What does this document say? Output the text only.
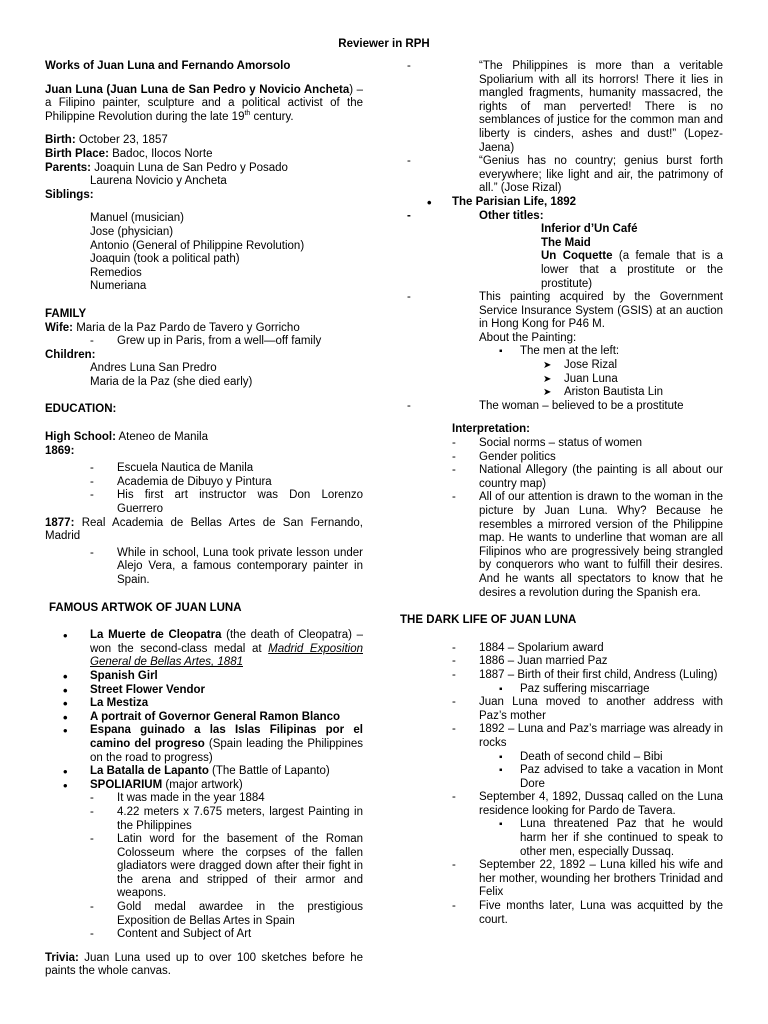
Reviewer in RPH

Works of Juan Luna and Fernando Amorsolo

Juan Luna (Juan Luna de San Pedro y Novicio Ancheta) – a Filipino painter, sculpture and a political activist of the Philippine Revolution during the late 19th century.

Birth: October 23, 1857

Birth Place: Badoc, Ilocos Norte

Parents: Joaquin Luna de San Pedro y Posado

Laurena Novicio y Ancheta

Siblings:

Manuel (musician)

Jose (physician)

Antonio (General of Philippine Revolution)

Joaquin (took a political path)

Remedios

Numeriana

FAMILY

Wife: Maria de la Paz Pardo de Tavero y Gorricho

- Grew up in Paris, from a well—off family

Children:

Andres Luna San Predro

Maria de la Paz (she died early)

EDUCATION:

High School: Ateneo de Manila

1869:

- Escuela Nautica de Manila

- Academia de Dibuyo y Pintura

- His first art instructor was Don Lorenzo Guerrero

1877: Real Academia de Bellas Artes de San Fernando, Madrid

- While in school, Luna took private lesson under Alejo Vera, a famous contemporary painter in Spain.

FAMOUS ARTWOK OF JUAN LUNA

• La Muerte de Cleopatra (the death of Cleopatra) – won the second-class medal at Madrid Exposition General de Bellas Artes, 1881

• Spanish Girl

• Street Flower Vendor

• La Mestiza

• A portrait of Governor General Ramon Blanco

• Espana guinado a las Islas Filipinas por el camino del progreso (Spain leading the Philippines on the road to progress)

• La Batalla de Lapanto (The Battle of Lapanto)

• SPOLIARIUM (major artwork)

- It was made in the year 1884

- 4.22 meters x 7.675 meters, largest Painting in the Philippines

- Latin word for the basement of the Roman Colosseum where the corpses of the fallen gladiators were dragged down after their fight in the arena and stripped of their armor and weapons.

- Gold medal awardee in the prestigious Exposition de Bellas Artes in Spain

- Content and Subject of Art

Trivia: Juan Luna used up to over 100 sketches before he paints the whole canvas.

- “The Philippines is more than a veritable Spoliarium with all its horrors! There it lies in mangled fragments, humanity massacred, the rights of man perverted! There is no semblances of justice for the common man and liberty is cinders, ashes and dust!” (Lopez-Jaena)

- “Genius has no country; genius burst forth everywhere; like light and air, the patrimony of all.” (Jose Rizal)

• The Parisian Life, 1892

- Other titles:

Inferior d’Un Café

The Maid

Un Coquette (a female that is a lower that a prostitute or the prostitute)

- This painting acquired by the Government Service Insurance System (GSIS) at an auction in Hong Kong for P46 M.

About the Painting:

▪ The men at the left:

➤ Jose Rizal

➤ Juan Luna

➤ Ariston Bautista Lin

- The woman – believed to be a prostitute

Interpretation:

- Social norms – status of women

- Gender politics

- National Allegory (the painting is all about our country map)

- All of our attention is drawn to the woman in the picture by Juan Luna. Why? Because he resembles a mirrored version of the Philippine map. He wants to underline that woman are all Filipinos who are progressively being strangled by conquerors who want to fulfill their desires. And he wants all spectators to know that he desires a revolution during the Spanish era.

THE DARK LIFE OF JUAN LUNA

- 1884 – Spolarium award

- 1886 – Juan married Paz

- 1887 – Birth of their first child, Andress (Luling)

▪ Paz suffering miscarriage

- Juan Luna moved to another address with Paz’s mother

- 1892 – Luna and Paz’s marriage was already in rocks

▪ Death of second child – Bibi

▪ Paz advised to take a vacation in Mont Dore

- September 4, 1892, Dussaq called on the Luna residence looking for Pardo de Tavera.

▪ Luna threatened Paz that he would harm her if she continued to speak to other men, especially Dussaq.

- September 22, 1892 – Luna killed his wife and her mother, wounding her brothers Trinidad and Felix

- Five months later, Luna was acquitted by the court.
